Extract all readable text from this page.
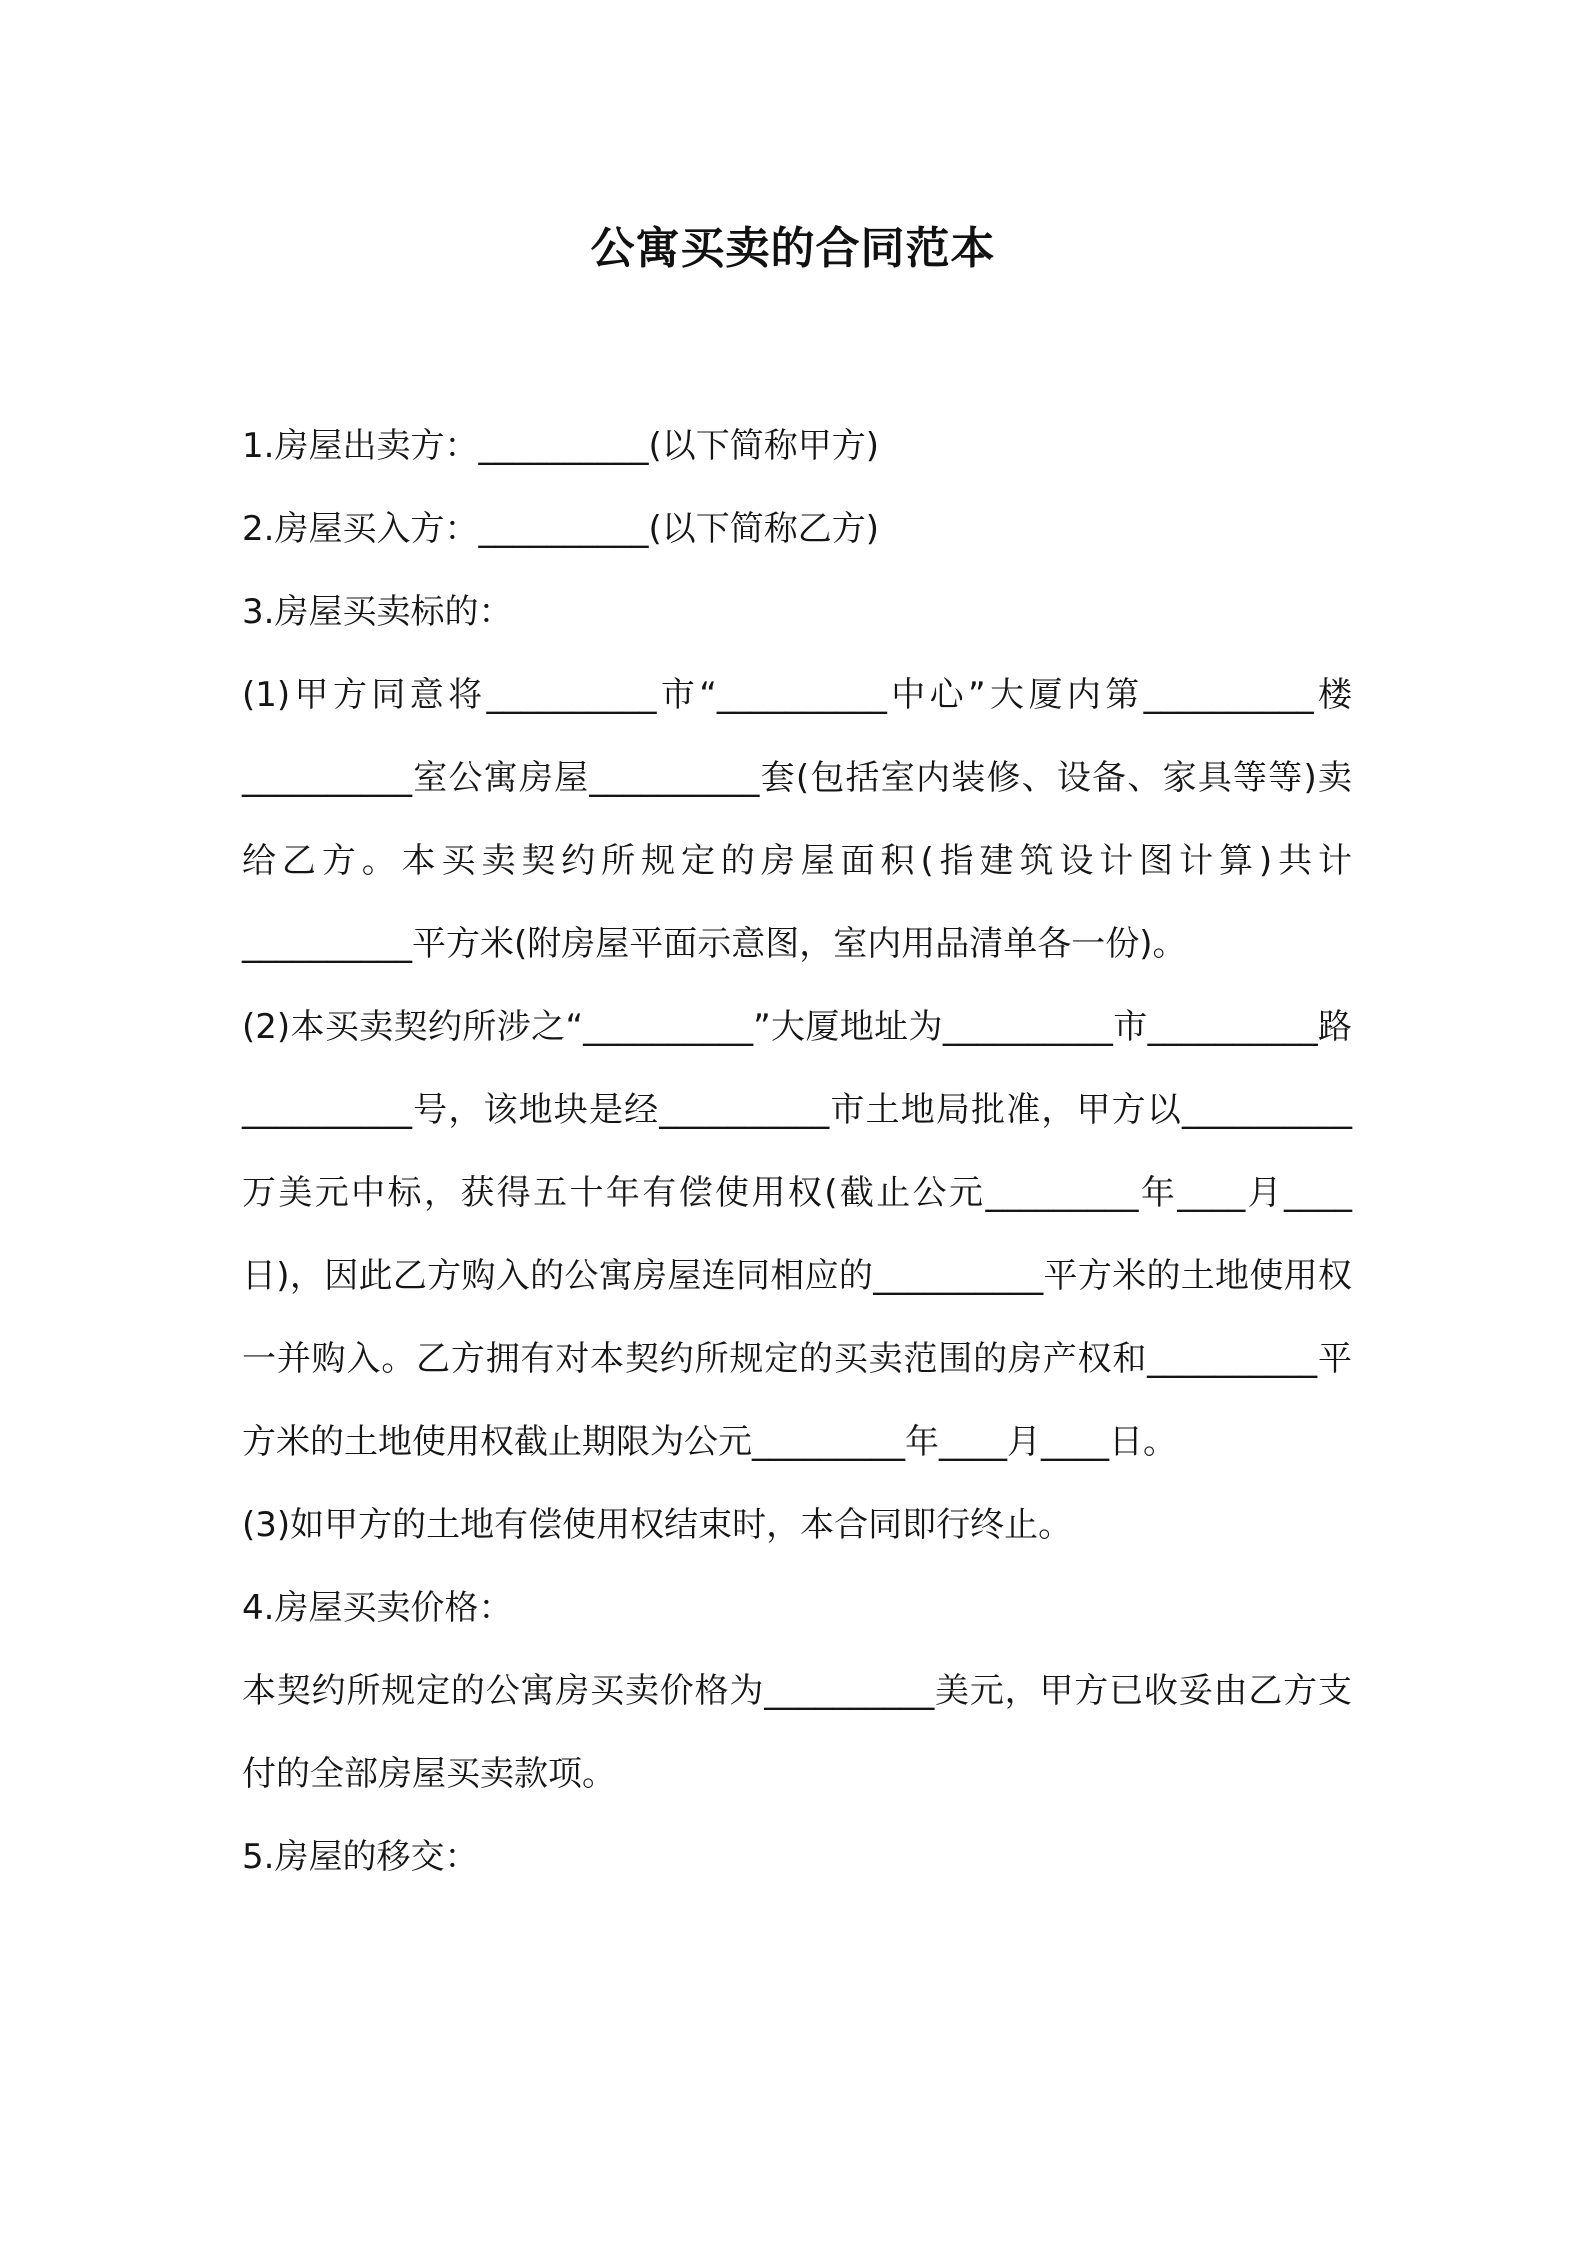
公寓买卖的合同范本

1.房屋出卖方：__________(以下简称甲方)

2.房屋买入方：__________(以下简称乙方)

3.房屋买卖标的：

(1)甲方同意将__________市“__________中心”大厦内第__________楼__________室公寓房屋__________套(包括室内装修、设备、家具等等)卖给乙方。本买卖契约所规定的房屋面积(指建筑设计图计算)共计__________平方米(附房屋平面示意图，室内用品清单各一份)。

(2)本买卖契约所涉之“__________”大厦地址为__________市__________路__________号，该地块是经__________市土地局批准，甲方以__________万美元中标，获得五十年有偿使用权(截止公元_________年____月____日)，因此乙方购入的公寓房屋连同相应的__________平方米的土地使用权一并购入。乙方拥有对本契约所规定的买卖范围的房产权和__________平方米的土地使用权截止期限为公元_________年____月____日。

(3)如甲方的土地有偿使用权结束时，本合同即行终止。

4.房屋买卖价格：

本契约所规定的公寓房买卖价格为__________美元，甲方已收妥由乙方支付的全部房屋买卖款项。

5.房屋的移交：
